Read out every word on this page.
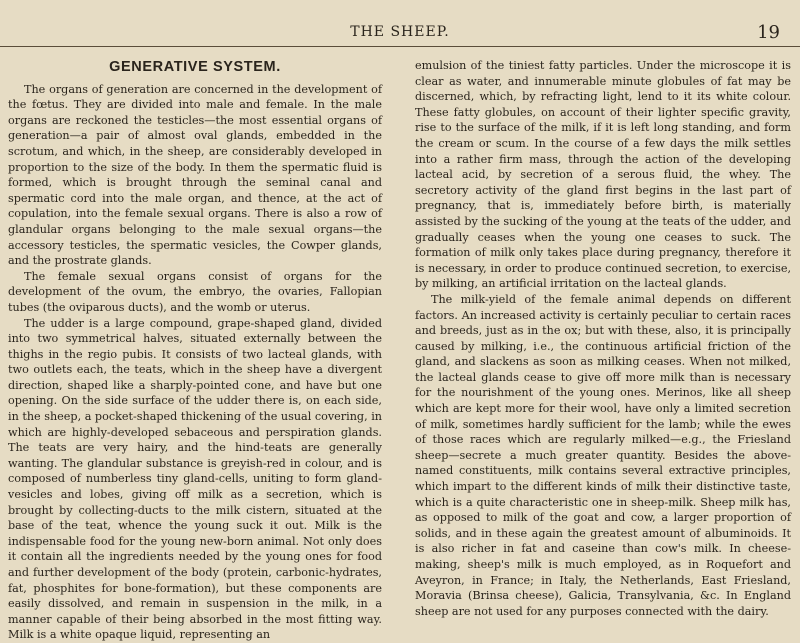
THE SHEEP.	19
GENERATIVE SYSTEM.

The organs of generation are concerned in the development of the fœtus. They are divided into male and female. In the male organs are reckoned the testicles—the most essential organs of generation—a pair of almost oval glands, embedded in the scrotum, and which, in the sheep, are considerably developed in proportion to the size of the body. In them the spermatic fluid is formed, which is brought through the seminal canal and spermatic cord into the male organ, and thence, at the act of copulation, into the female sexual organs. There is also a row of glandular organs belonging to the male sexual organs—the accessory testicles, the spermatic vesicles, the Cowper glands, and the prostrate glands.

The female sexual organs consist of organs for the development of the ovum, the embryo, the ovaries, Fallopian tubes (the oviparous ducts), and the womb or uterus.

The udder is a large compound, grape-shaped gland, divided into two symmetrical halves, situated externally between the thighs in the regio pubis. It consists of two lacteal glands, with two outlets each, the teats, which in the sheep have a divergent direction, shaped like a sharply-pointed cone, and have but one opening. On the side surface of the udder there is, on each side, in the sheep, a pocket-shaped thickening of the usual covering, in which are highly-developed sebaceous and perspiration glands. The teats are very hairy, and the hind-teats are generally wanting. The glandular substance is greyish-red in colour, and is composed of numberless tiny gland-cells, uniting to form gland-vesicles and lobes, giving off milk as a secretion, which is brought by collecting-ducts to the milk cistern, situated at the base of the teat, whence the young suck it out. Milk is the indispensable food for the young new-born animal. Not only does it contain all the ingredients needed by the young ones for food and further development of the body (protein, carbonic-hydrates, fat, phosphites for bone-formation), but these components are easily dissolved, and remain in suspension in the milk, in a manner capable of their being absorbed in the most fitting way. Milk is a white opaque liquid, representing an

emulsion of the tiniest fatty particles. Under the microscope it is clear as water, and innumerable minute globules of fat may be discerned, which, by refracting light, lend to it its white colour. These fatty globules, on account of their lighter specific gravity, rise to the surface of the milk, if it is left long standing, and form the cream or scum. In the course of a few days the milk settles into a rather firm mass, through the action of the developing lacteal acid, by secretion of a serous fluid, the whey. The secretory activity of the gland first begins in the last part of pregnancy, that is, immediately before birth, is materially assisted by the sucking of the young at the teats of the udder, and gradually ceases when the young one ceases to suck. The formation of milk only takes place during pregnancy, therefore it is necessary, in order to produce continued secretion, to exercise, by milking, an artificial irritation on the lacteal glands.

The milk-yield of the female animal depends on different factors. An increased activity is certainly peculiar to certain races and breeds, just as in the ox; but with these, also, it is principally caused by milking, i.e., the continuous artificial friction of the gland, and slackens as soon as milking ceases. When not milked, the lacteal glands cease to give off more milk than is necessary for the nourishment of the young ones. Merinos, like all sheep which are kept more for their wool, have only a limited secretion of milk, sometimes hardly sufficient for the lamb; while the ewes of those races which are regularly milked—e.g., the Friesland sheep—secrete a much greater quantity. Besides the above-named constituents, milk contains several extractive principles, which impart to the different kinds of milk their distinctive taste, which is a quite characteristic one in sheep-milk. Sheep milk has, as opposed to milk of the goat and cow, a larger proportion of solids, and in these again the greatest amount of albuminoids. It is also richer in fat and caseine than cow's milk. In cheese-making, sheep's milk is much employed, as in Roquefort and Aveyron, in France; in Italy, the Netherlands, East Friesland, Moravia (Brinsa cheese), Galicia, Transylvania, &c. In England sheep are not used for any purposes connected with the dairy.
